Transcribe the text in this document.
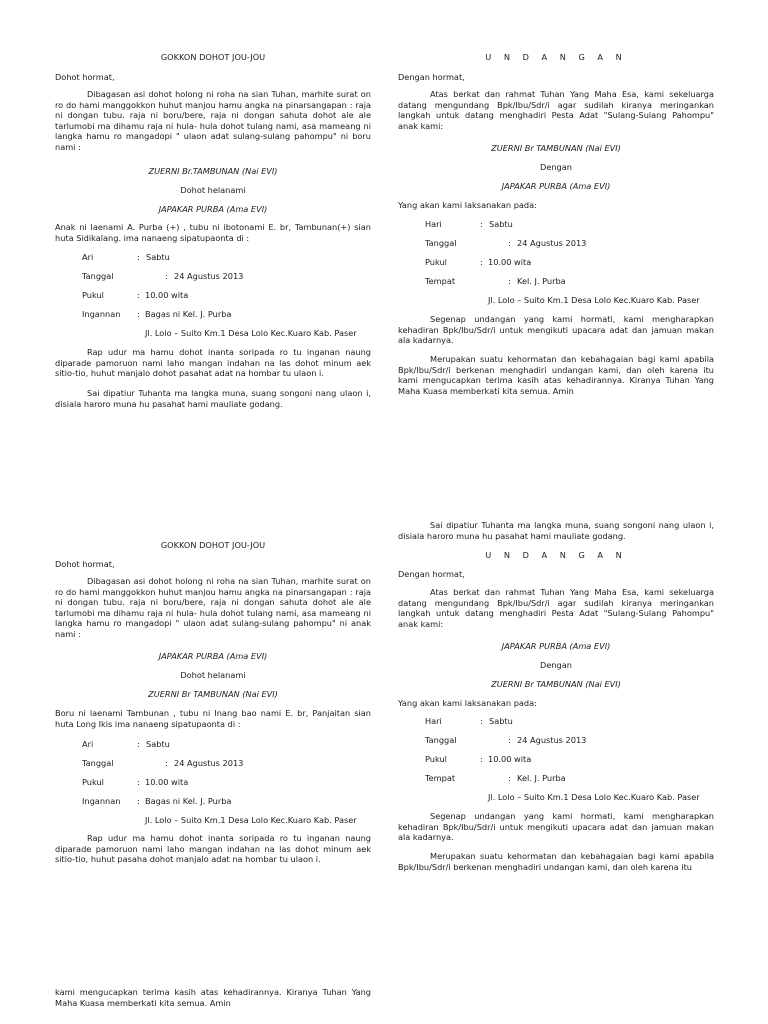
GOKKON DOHOT JOU-JOU
Dohot hormat,
Dibagasan asi dohot holong ni roha na sian Tuhan, marhite surat on ro do hami manggokkon huhut manjou hamu angka na pinarsangapan : raja ni dongan tubu. raja ni boru/bere, raja ni dongan sahuta dohot ale ale tarlumobi ma dihamu raja ni hula- hula dohot tulang nami, asa mameang ni langka hamu ro mangadopi " ulaon adat sulang-sulang pahompu" ni boru nami :
ZUERNI Br.TAMBUNAN (Nai EVI)
Dohot helanami
JAPAKAR PURBA (Ama EVI)
Anak ni laenami A. Purba (+) , tubu ni ibotonami E. br, Tambunan(+) sian huta Sidikalang. ima nanaeng sipatupaonta di :
Ari	: Sabtu
Tanggal	: 24 Agustus 2013
Pukul	: 10.00 wita
Ingannan : Bagas ni Kel. J. Purba
Jl. Lolo – Suito Km.1 Desa Lolo Kec.Kuaro Kab. Paser
Rap udur ma hamu dohot inanta soripada ro tu inganan naung diparade pamoruon nami laho mangan indahan na las dohot minum aek sitio-tio, huhut manjalo dohot pasahat adat na hombar tu ulaon i.
Sai dipatiur Tuhanta ma langka muna, suang songoni nang ulaon i, disiala haroro muna hu pasahat hami mauliate godang.
U N D A N G A N
Dengan hormat,
Atas berkat dan rahmat Tuhan Yang Maha Esa, kami sekeluarga datang mengundang Bpk/Ibu/Sdr/i agar sudilah kiranya meringankan langkah untuk datang menghadiri Pesta Adat "Sulang-Sulang Pahompu" anak kami:
ZUERNI Br TAMBUNAN (Nai EVI)
Dengan
JAPAKAR PURBA (Ama EVI)
Yang akan kami laksanakan pada:
Hari	: Sabtu
Tanggal	: 24 Agustus 2013
Pukul	: 10.00 wita
Tempat	: Kel. J. Purba
Jl. Lolo – Suito Km.1 Desa Lolo Kec.Kuaro Kab. Paser
Segenap undangan yang kami hormati, kami mengharapkan kehadiran Bpk/Ibu/Sdr/i untuk mengikuti upacara adat dan jamuan makan ala kadarnya.
Merupakan suatu kehormatan dan kebahagaian bagi kami apabila Bpk/Ibu/Sdr/i berkenan menghadiri undangan kami, dan oleh karena itu kami mengucapkan terima kasih atas kehadirannya. Kiranya Tuhan Yang Maha Kuasa memberkati kita semua. Amin
GOKKON DOHOT JOU-JOU
Dohot hormat,
Dibagasan asi dohot holong ni roha na sian Tuhan, marhite surat on ro do hami manggokkon huhut manjou hamu angka na pinarsangapan : raja ni dongan tubu. raja ni boru/bere, raja ni dongan sahuta dohot ale ale tarlumobi ma dihamu raja ni hula- hula dohot tulang nami, asa mameang ni langka hamu ro mangadopi " ulaon adat sulang-sulang pahompu" ni anak nami :
JAPAKAR PURBA (Ama EVI)
Dohot helanami
ZUERNI Br TAMBUNAN (Nai EVI)
Boru ni laenami Tambunan , tubu ni Inang bao nami E. br, Panjaitan sian huta Long Ikis ima nanaeng sipatupaonta di :
Ari	: Sabtu
Tanggal	: 24 Agustus 2013
Pukul	: 10.00 wita
Ingannan : Bagas ni Kel. J. Purba
Jl. Lolo – Suito Km.1 Desa Lolo Kec.Kuaro Kab. Paser
Rap udur ma hamu dohot inanta soripada ro tu inganan naung diparade pamoruon nami laho mangan indahan na las dohot minum aek sitio-tio, huhut pasaha dohot manjalo adat na hombar tu ulaon i.
kami mengucapkan terima kasih atas kehadirannya. Kiranya Tuhan Yang Maha Kuasa memberkati kita semua. Amin
Sai dipatiur Tuhanta ma langka muna, suang songoni nang ulaon i, disiala haroro muna hu pasahat hami mauliate godang.
U N D A N G A N
Dengan hormat,
Atas berkat dan rahmat Tuhan Yang Maha Esa, kami sekeluarga datang mengundang Bpk/Ibu/Sdr/i agar sudilah kiranya meringankan langkah untuk datang menghadiri Pesta Adat "Sulang-Sulang Pahompu" anak kami:
JAPAKAR PURBA (Ama EVI)
Dengan
ZUERNI Br TAMBUNAN (Nai EVI)
Yang akan kami laksanakan pada:
Hari	: Sabtu
Tanggal	: 24 Agustus 2013
Pukul	: 10.00 wita
Tempat	: Kel. J. Purba
Jl. Lolo – Suito Km.1 Desa Lolo Kec.Kuaro Kab. Paser
Segenap undangan yang kami hormati, kami mengharapkan kehadiran Bpk/Ibu/Sdr/i untuk mengikuti upacara adat dan jamuan makan ala kadarnya.
Merupakan suatu kehormatan dan kebahagaian bagi kami apabila Bpk/Ibu/Sdr/i berkenan menghadiri undangan kami, dan oleh karena itu
